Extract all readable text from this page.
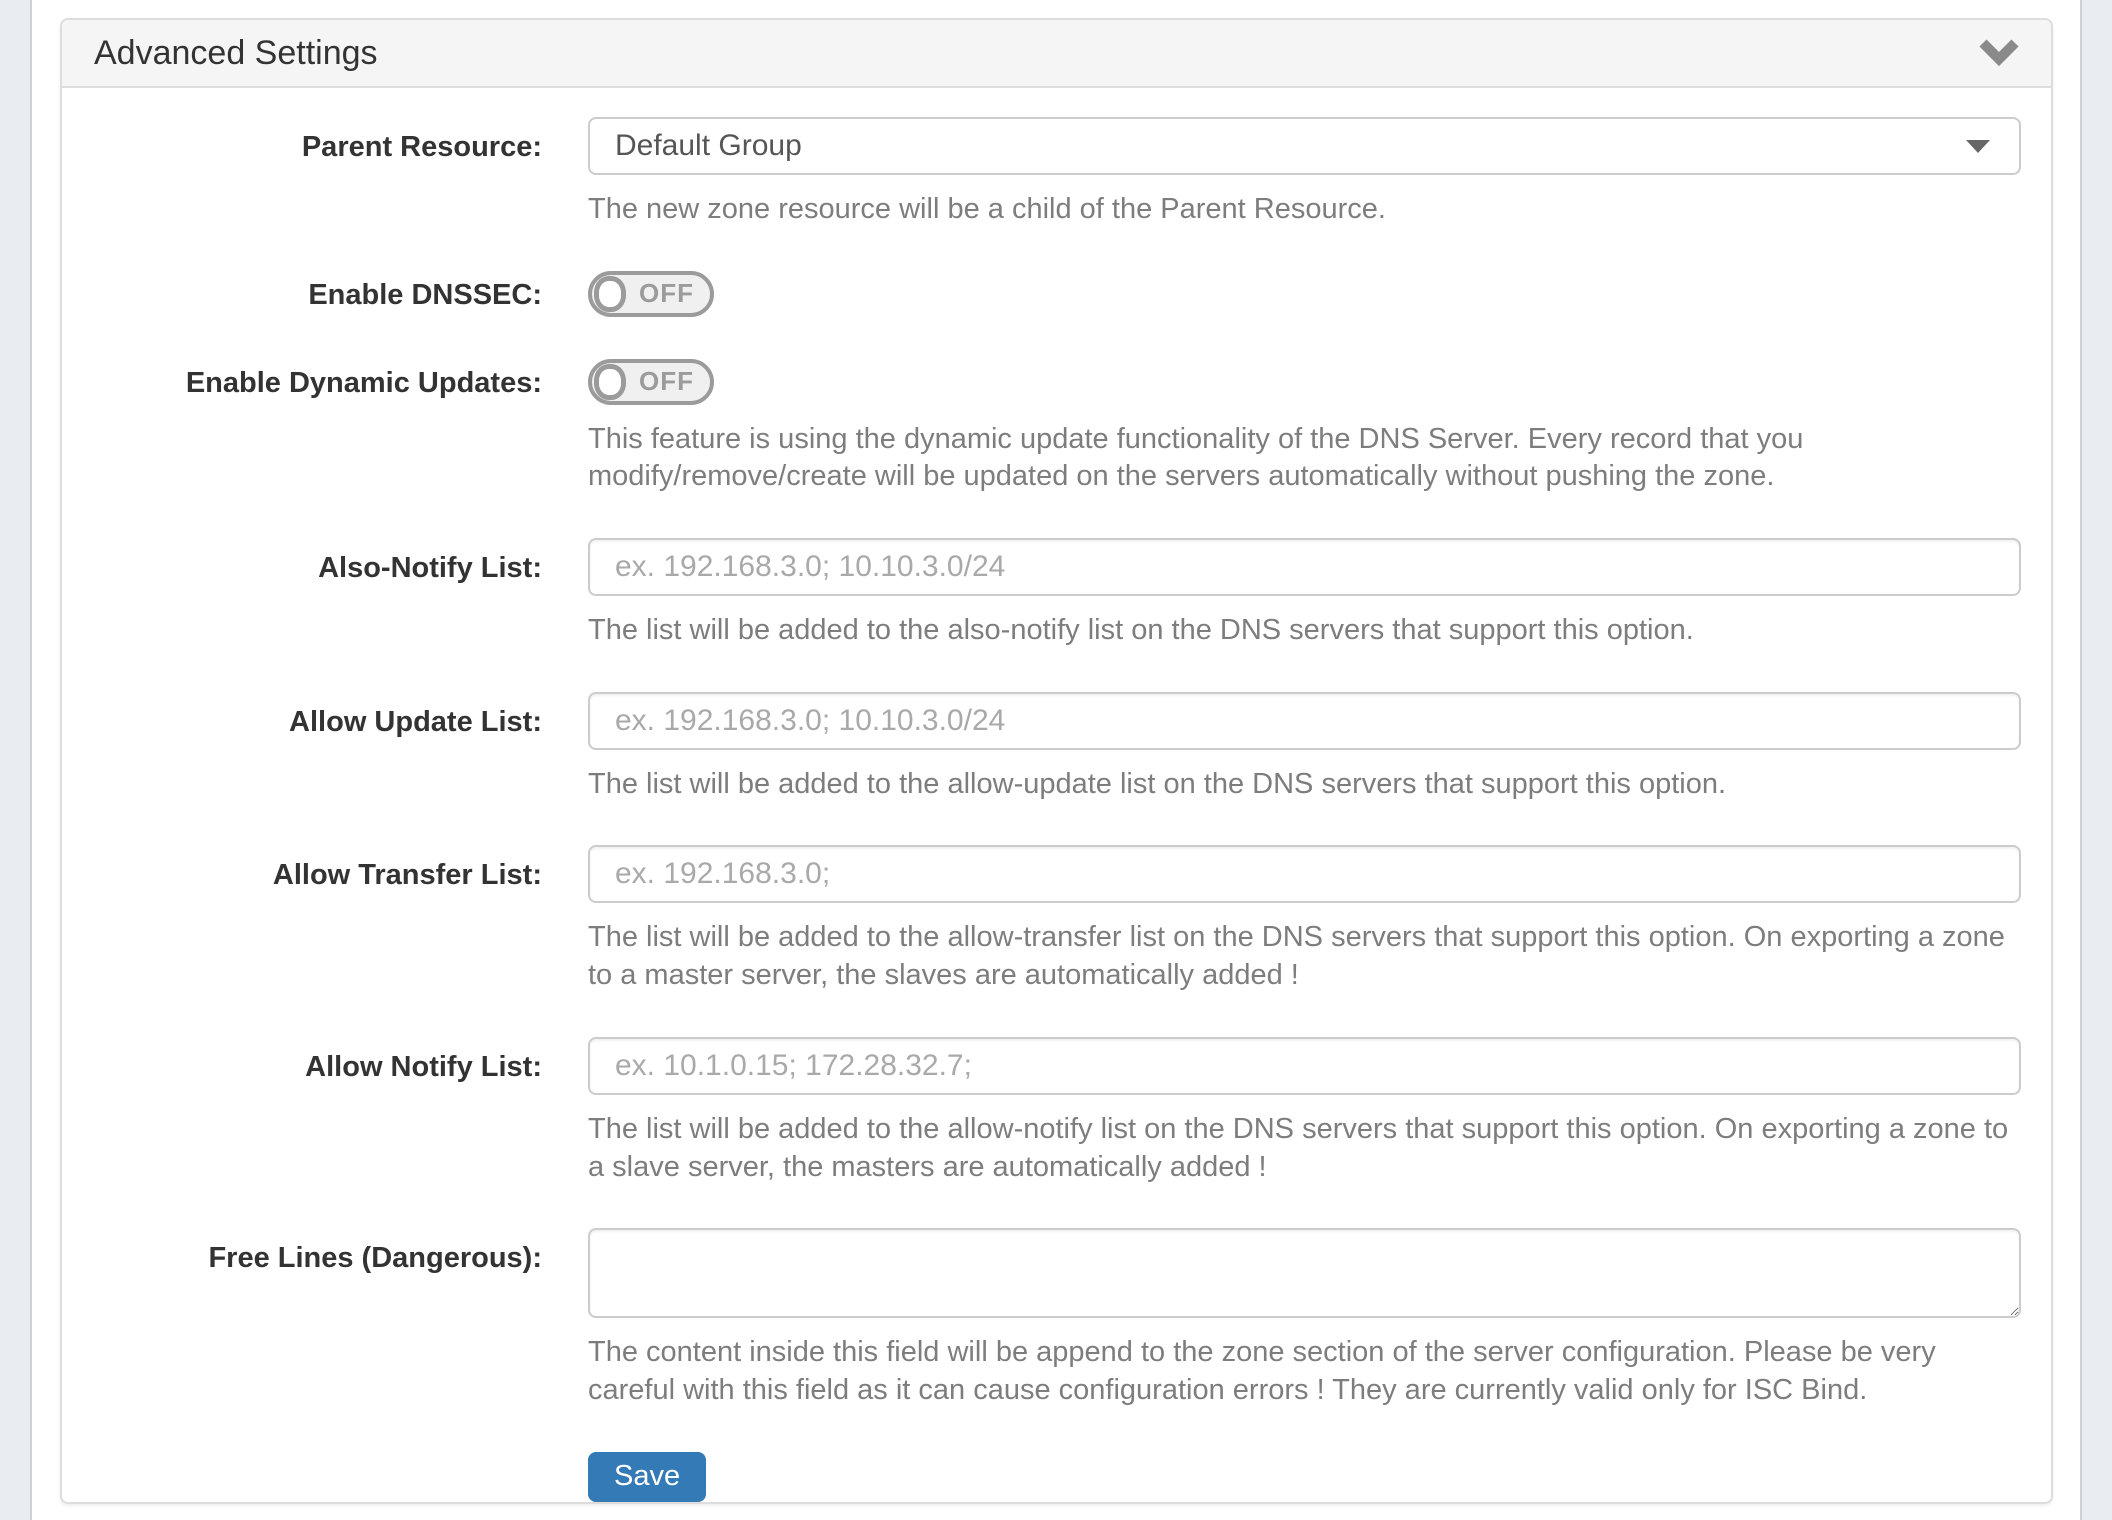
Advanced Settings
Parent Resource: Default Group
The new zone resource will be a child of the Parent Resource.
Enable DNSSEC:	OFF
Enable Dynamic Updates:	OFF
This feature is using the dynamic update functionality of the DNS Server. Every record that you modify/remove/create will be updated on the servers automatically without pushing the zone.
Also-Notify List:
ex. 192.168.3.0; 10.10.3.0/24
The list will be added to the also-notify list on the DNS servers that support this option.
Allow Update List:
ex. 192.168.3.0; 10.10.3.0/24
The list will be added to the allow-update list on the DNS servers that support this option.
Allow Transfer List:
ex. 192.168.3.0;
The list will be added to the allow-transfer list on the DNS servers that support this option. On exporting a zone to a master server, the slaves are automatically added !
Allow Notify List:
ex. 10.1.0.15; 172.28.32.7;
The list will be added to the allow-notify list on the DNS servers that support this option. On exporting a zone to a slave server, the masters are automatically added !
Free Lines (Dangerous):
The content inside this field will be append to the zone section of the server configuration. Please be very careful with this field as it can cause configuration errors ! They are currently valid only for ISC Bind.
Save
